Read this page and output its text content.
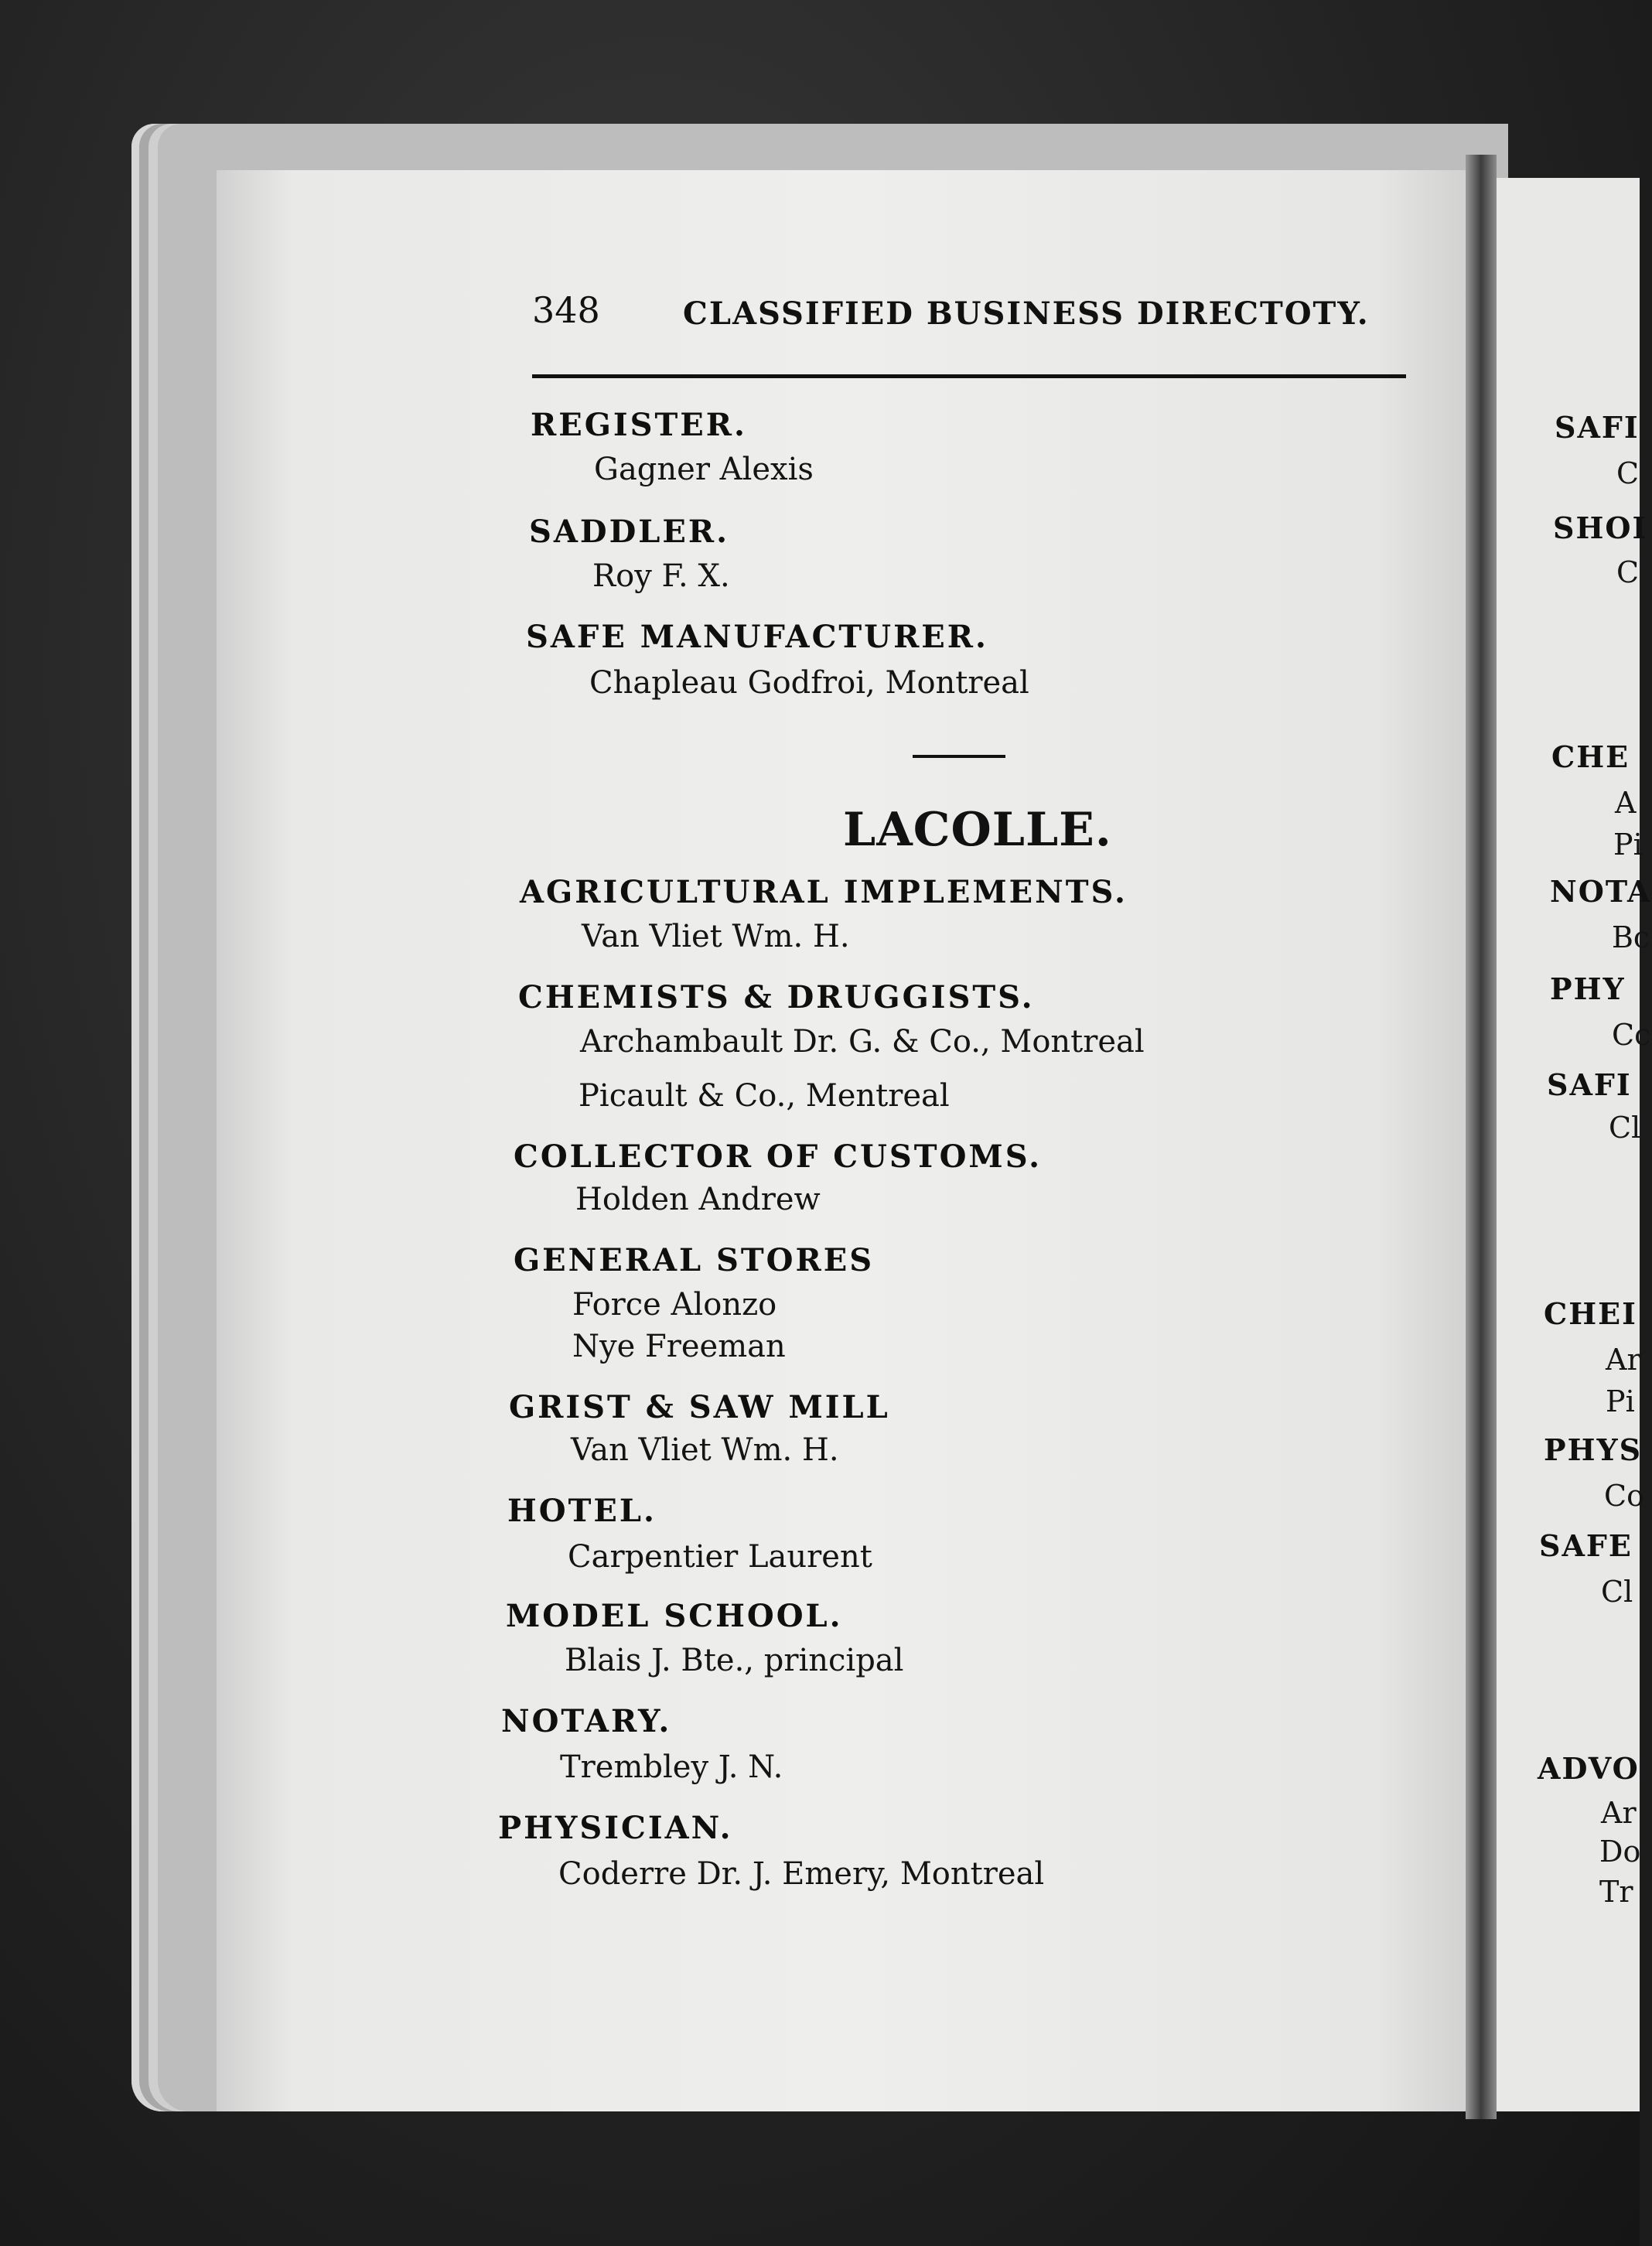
348	CLASSIFIED BUSINESS DIRECTOTY.
REGISTER.
Gagner Alexis
SADDLER.
Roy F. X.
SAFE MANUFACTURER.
Chapleau Godfroi, Montreal
LACOLLE.
AGRICULTURAL IMPLEMENTS.
Van Vliet Wm. H.
CHEMISTS & DRUGGISTS.
Archambault Dr. G. & Co., Montreal
Picault & Co., Mentreal
COLLECTOR OF CUSTOMS.
Holden Andrew
GENERAL STORES
Force Alonzo
Nye Freeman
GRIST & SAW MILL
Van Vliet Wm. H.
HOTEL.
Carpentier Laurent
MODEL SCHOOL.
Blais J. Bte., principal
NOTARY.
Trembley J. N.
PHYSICIAN.
Coderre Dr. J. Emery, Montreal
SAFI
C
SHOI
C
CHE
A
Pi
NOTA
Bc
PHY
Cc
SAFI
Cl
CHEI
Ar
Pi
PHYS
Co
SAFE
Cl
ADVO
Ar
Do
Tr
